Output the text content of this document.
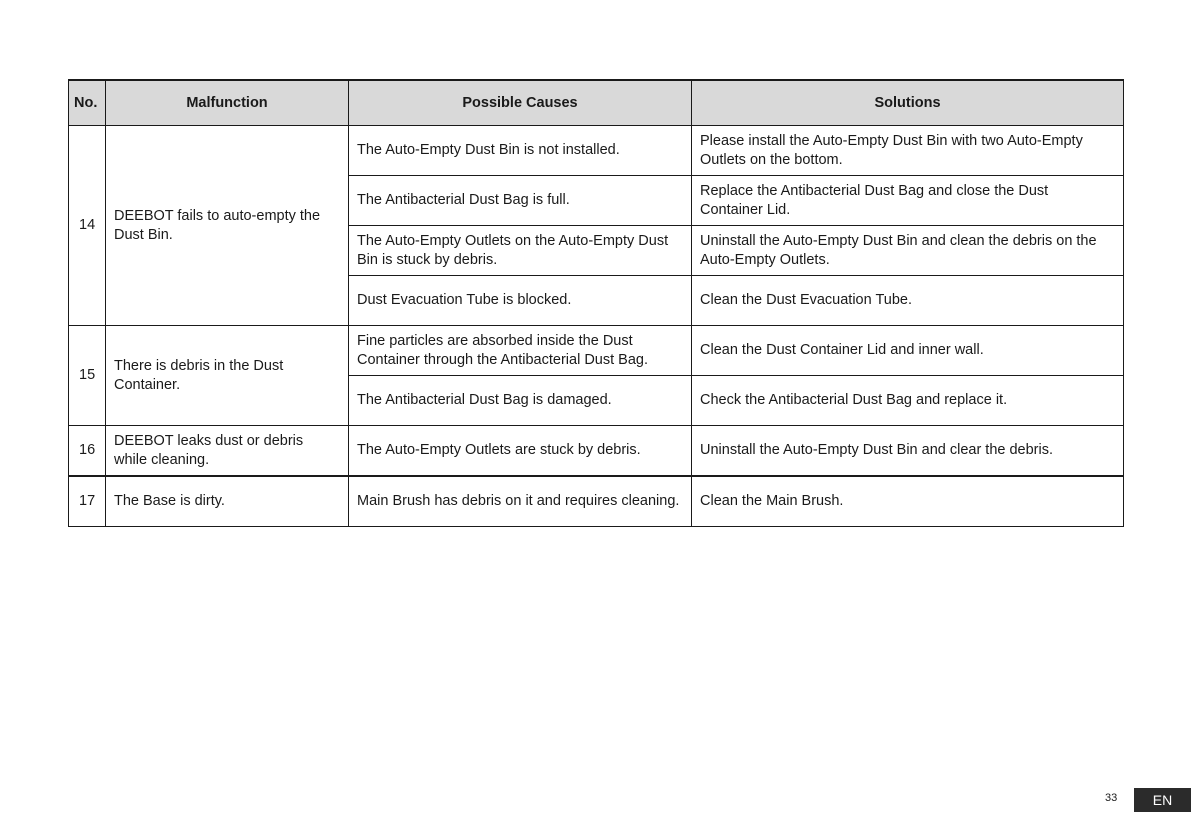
No.	Malfunction	Possible Causes	Solutions
14	DEEBOT fails to auto-empty the Dust Bin.	The Auto-Empty Dust Bin is not installed.	Please install the Auto-Empty Dust Bin with two Auto-Empty Outlets on the bottom.
		The Antibacterial Dust Bag is full.	Replace the Antibacterial Dust Bag and close the Dust Container Lid.
		The Auto-Empty Outlets on the Auto-Empty Dust Bin is stuck by debris.	Uninstall the Auto-Empty Dust Bin and clean the debris on the Auto-Empty Outlets.
		Dust Evacuation Tube is blocked.	Clean the Dust Evacuation Tube.
15	There is debris in the Dust Container.	Fine particles are absorbed inside the Dust Container through the Antibacterial Dust Bag.	Clean the Dust Container Lid and inner wall.
		The Antibacterial Dust Bag is damaged.	Check the Antibacterial Dust Bag and replace it.
16	DEEBOT leaks dust or debris while cleaning.	The Auto-Empty Outlets are stuck by debris.	Uninstall the Auto-Empty Dust Bin and clear the debris.
17	The Base is dirty.	Main Brush has debris on it and requires cleaning.	Clean the Main Brush.
33	EN
